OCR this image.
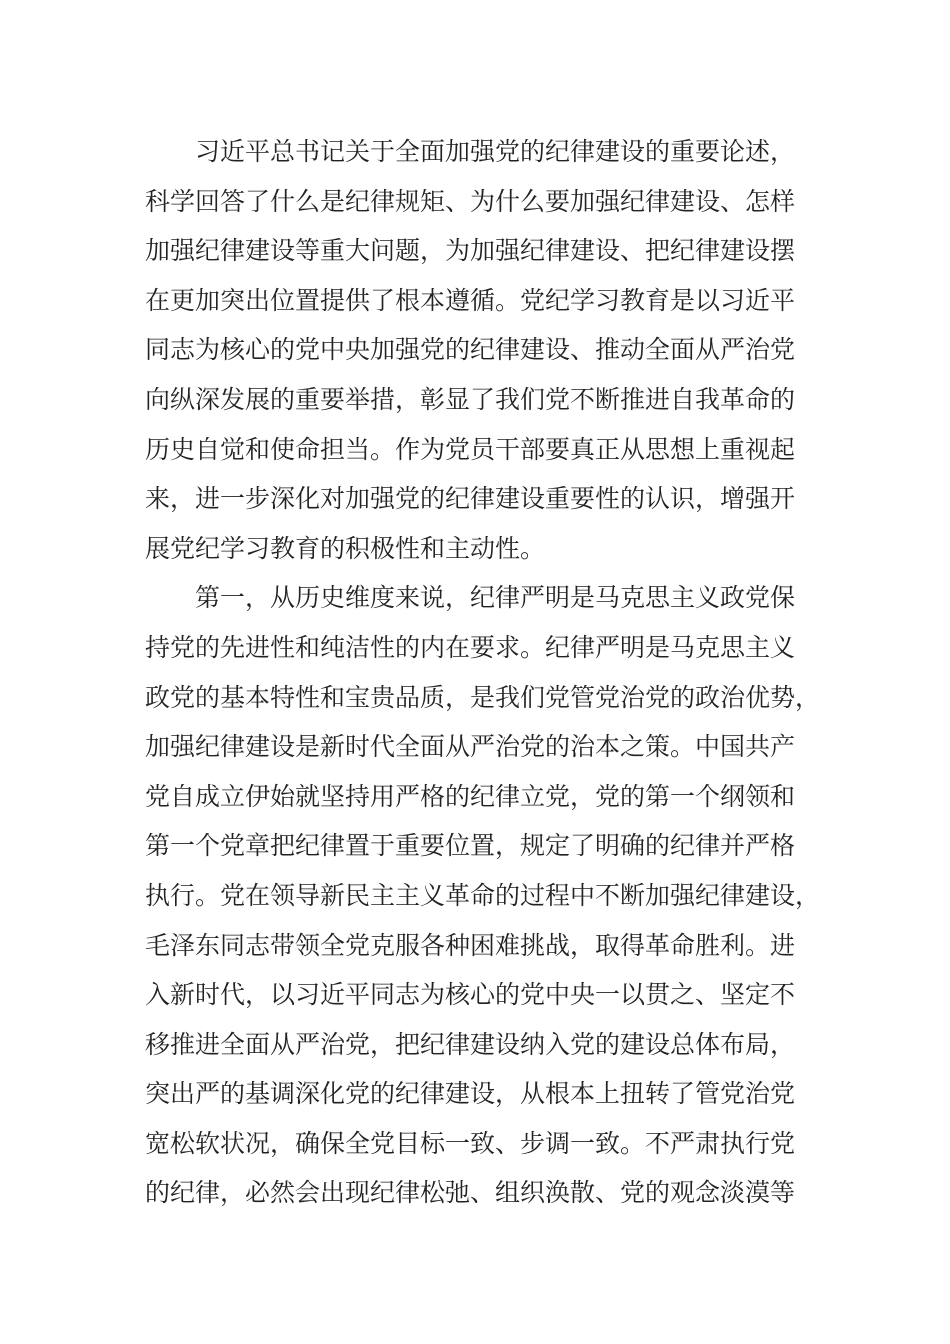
习近平总书记关于全面加强党的纪律建设的重要论述，
科学回答了什么是纪律规矩、为什么要加强纪律建设、怎样
加强纪律建设等重大问题，为加强纪律建设、把纪律建设摆
在更加突出位置提供了根本遵循。党纪学习教育是以习近平
同志为核心的党中央加强党的纪律建设、推动全面从严治党
向纵深发展的重要举措，彰显了我们党不断推进自我革命的
历史自觉和使命担当。作为党员干部要真正从思想上重视起
来，进一步深化对加强党的纪律建设重要性的认识，增强开
展党纪学习教育的积极性和主动性。
第一，从历史维度来说，纪律严明是马克思主义政党保
持党的先进性和纯洁性的内在要求。纪律严明是马克思主义
政党的基本特性和宝贵品质，是我们党管党治党的政治优势，
加强纪律建设是新时代全面从严治党的治本之策。中国共产
党自成立伊始就坚持用严格的纪律立党，党的第一个纲领和
第一个党章把纪律置于重要位置，规定了明确的纪律并严格
执行。党在领导新民主主义革命的过程中不断加强纪律建设，
毛泽东同志带领全党克服各种困难挑战，取得革命胜利。进
入新时代，以习近平同志为核心的党中央一以贯之、坚定不
移推进全面从严治党，把纪律建设纳入党的建设总体布局，
突出严的基调深化党的纪律建设，从根本上扭转了管党治党
宽松软状况，确保全党目标一致、步调一致。不严肃执行党
的纪律，必然会出现纪律松弛、组织涣散、党的观念淡漠等
